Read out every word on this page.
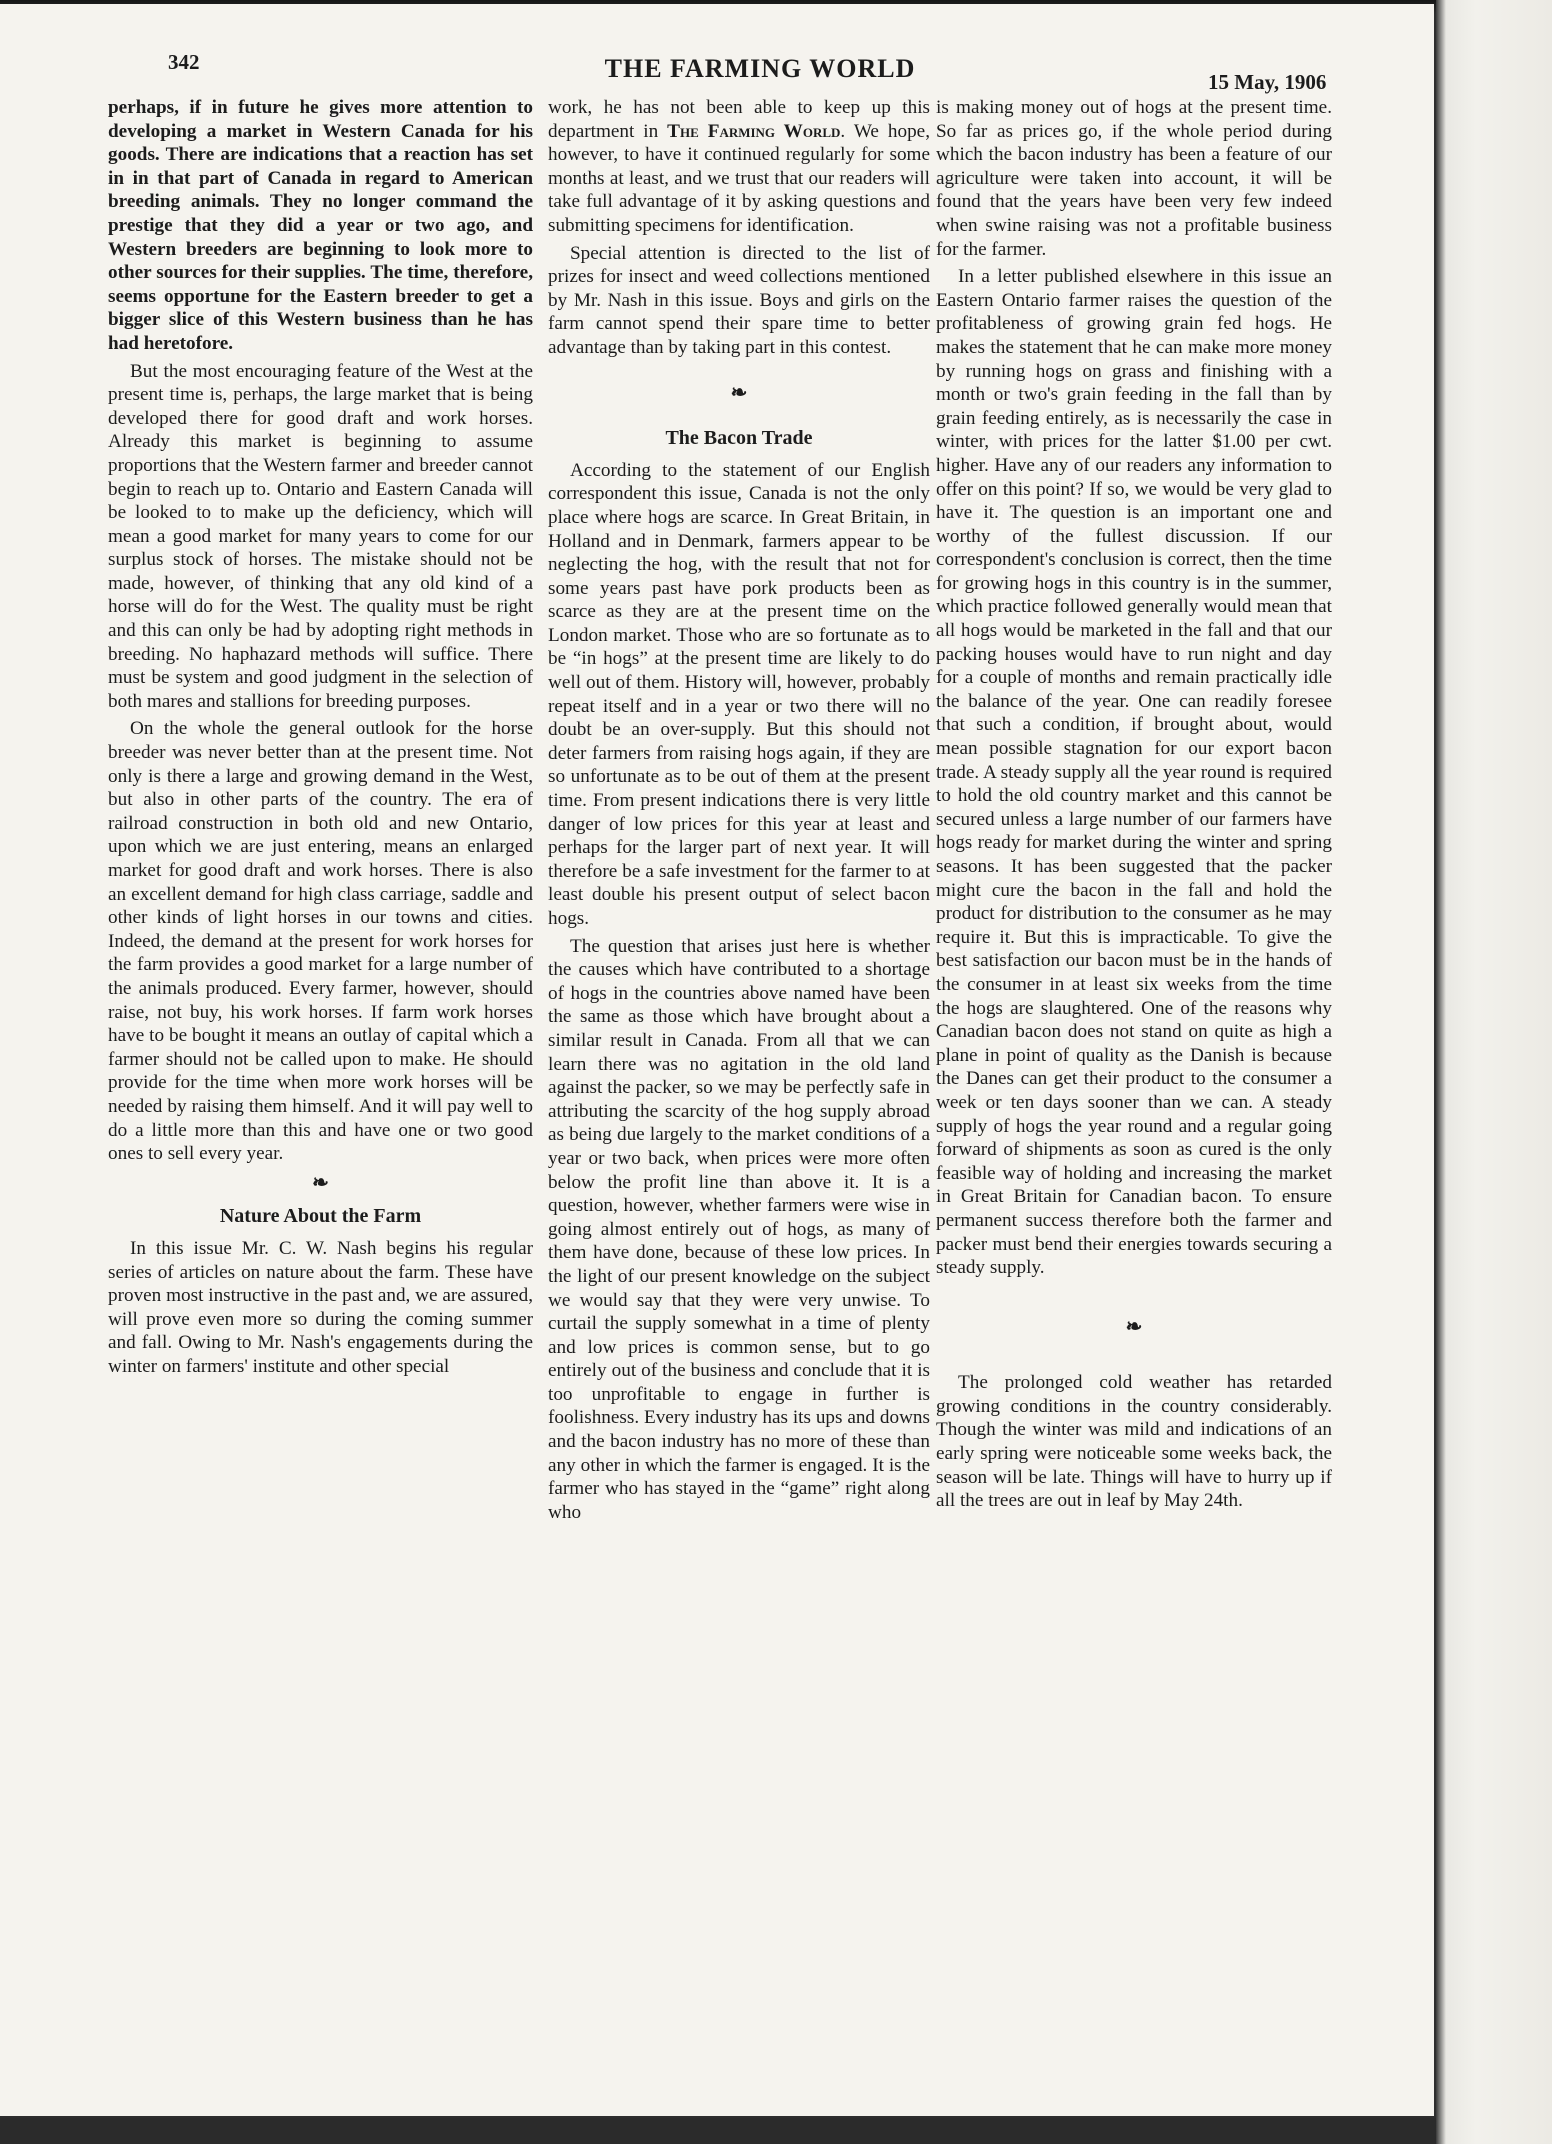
342	THE FARMING WORLD	15 May, 1906

perhaps, if in future he gives more attention to developing a market in Western Canada for his goods. There are indications that a reaction has set in in that part of Canada in regard to American breeding animals. They no longer command the prestige that they did a year or two ago, and Western breeders are beginning to look more to other sources for their supplies. The time, therefore, seems opportune for the Eastern breeder to get a bigger slice of this Western business than he has had heretofore.

But the most encouraging feature of the West at the present time is, perhaps, the large market that is being developed there for good draft and work horses. Already this market is beginning to assume proportions that the Western farmer and breeder cannot begin to reach up to. Ontario and Eastern Canada will be looked to to make up the deficiency, which will mean a good market for many years to come for our surplus stock of horses. The mistake should not be made, however, of thinking that any old kind of a horse will do for the West. The quality must be right and this can only be had by adopting right methods in breeding. No haphazard methods will suffice. There must be system and good judgment in the selection of both mares and stallions for breeding purposes.

On the whole the general outlook for the horse breeder was never better than at the present time. Not only is there a large and growing demand in the West, but also in other parts of the country. The era of railroad construction in both old and new Ontario, upon which we are just entering, means an enlarged market for good draft and work horses. There is also an excellent demand for high class carriage, saddle and other kinds of light horses in our towns and cities. Indeed, the demand at the present for work horses for the farm provides a good market for a large number of the animals produced. Every farmer, however, should raise, not buy, his work horses. If farm work horses have to be bought it means an outlay of capital which a farmer should not be called upon to make. He should provide for the time when more work horses will be needed by raising them himself. And it will pay well to do a little more than this and have one or two good ones to sell every year.

❧
Nature About the Farm

In this issue Mr. C. W. Nash begins his regular series of articles on nature about the farm. These have proven most instructive in the past and, we are assured, will prove even more so during the coming summer and fall. Owing to Mr. Nash's engagements during the winter on farmers' institute and other special

work, he has not been able to keep up this department in The Farming World. We hope, however, to have it continued regularly for some months at least, and we trust that our readers will take full advantage of it by asking questions and submitting specimens for identification.

Special attention is directed to the list of prizes for insect and weed collections mentioned by Mr. Nash in this issue. Boys and girls on the farm cannot spend their spare time to better advantage than by taking part in this contest.

❧
The Bacon Trade

According to the statement of our English correspondent this issue, Canada is not the only place where hogs are scarce. In Great Britain, in Holland and in Denmark, farmers appear to be neglecting the hog, with the result that not for some years past have pork products been as scarce as they are at the present time on the London market. Those who are so fortunate as to be “in hogs” at the present time are likely to do well out of them. History will, however, probably repeat itself and in a year or two there will no doubt be an over-supply. But this should not deter farmers from raising hogs again, if they are so unfortunate as to be out of them at the present time. From present indications there is very little danger of low prices for this year at least and perhaps for the larger part of next year. It will therefore be a safe investment for the farmer to at least double his present output of select bacon hogs.

The question that arises just here is whether the causes which have contributed to a shortage of hogs in the countries above named have been the same as those which have brought about a similar result in Canada. From all that we can learn there was no agitation in the old land against the packer, so we may be perfectly safe in attributing the scarcity of the hog supply abroad as being due largely to the market conditions of a year or two back, when prices were more often below the profit line than above it. It is a question, however, whether farmers were wise in going almost entirely out of hogs, as many of them have done, because of these low prices. In the light of our present knowledge on the subject we would say that they were very unwise. To curtail the supply somewhat in a time of plenty and low prices is common sense, but to go entirely out of the business and conclude that it is too unprofitable to engage in further is foolishness. Every industry has its ups and downs and the bacon industry has no more of these than any other in which the farmer is engaged. It is the farmer who has stayed in the “game” right along who

is making money out of hogs at the present time. So far as prices go, if the whole period during which the bacon industry has been a feature of our agriculture were taken into account, it will be found that the years have been very few indeed when swine raising was not a profitable business for the farmer.

In a letter published elsewhere in this issue an Eastern Ontario farmer raises the question of the profitableness of growing grain fed hogs. He makes the statement that he can make more money by running hogs on grass and finishing with a month or two's grain feeding in the fall than by grain feeding entirely, as is necessarily the case in winter, with prices for the latter $1.00 per cwt. higher. Have any of our readers any information to offer on this point? If so, we would be very glad to have it. The question is an important one and worthy of the fullest discussion. If our correspondent's conclusion is correct, then the time for growing hogs in this country is in the summer, which practice followed generally would mean that all hogs would be marketed in the fall and that our packing houses would have to run night and day for a couple of months and remain practically idle the balance of the year. One can readily foresee that such a condition, if brought about, would mean possible stagnation for our export bacon trade. A steady supply all the year round is required to hold the old country market and this cannot be secured unless a large number of our farmers have hogs ready for market during the winter and spring seasons. It has been suggested that the packer might cure the bacon in the fall and hold the product for distribution to the consumer as he may require it. But this is impracticable. To give the best satisfaction our bacon must be in the hands of the consumer in at least six weeks from the time the hogs are slaughtered. One of the reasons why Canadian bacon does not stand on quite as high a plane in point of quality as the Danish is because the Danes can get their product to the consumer a week or ten days sooner than we can. A steady supply of hogs the year round and a regular going forward of shipments as soon as cured is the only feasible way of holding and increasing the market in Great Britain for Canadian bacon. To ensure permanent success therefore both the farmer and packer must bend their energies towards securing a steady supply.

❧

The prolonged cold weather has retarded growing conditions in the country considerably. Though the winter was mild and indications of an early spring were noticeable some weeks back, the season will be late. Things will have to hurry up if all the trees are out in leaf by May 24th.
